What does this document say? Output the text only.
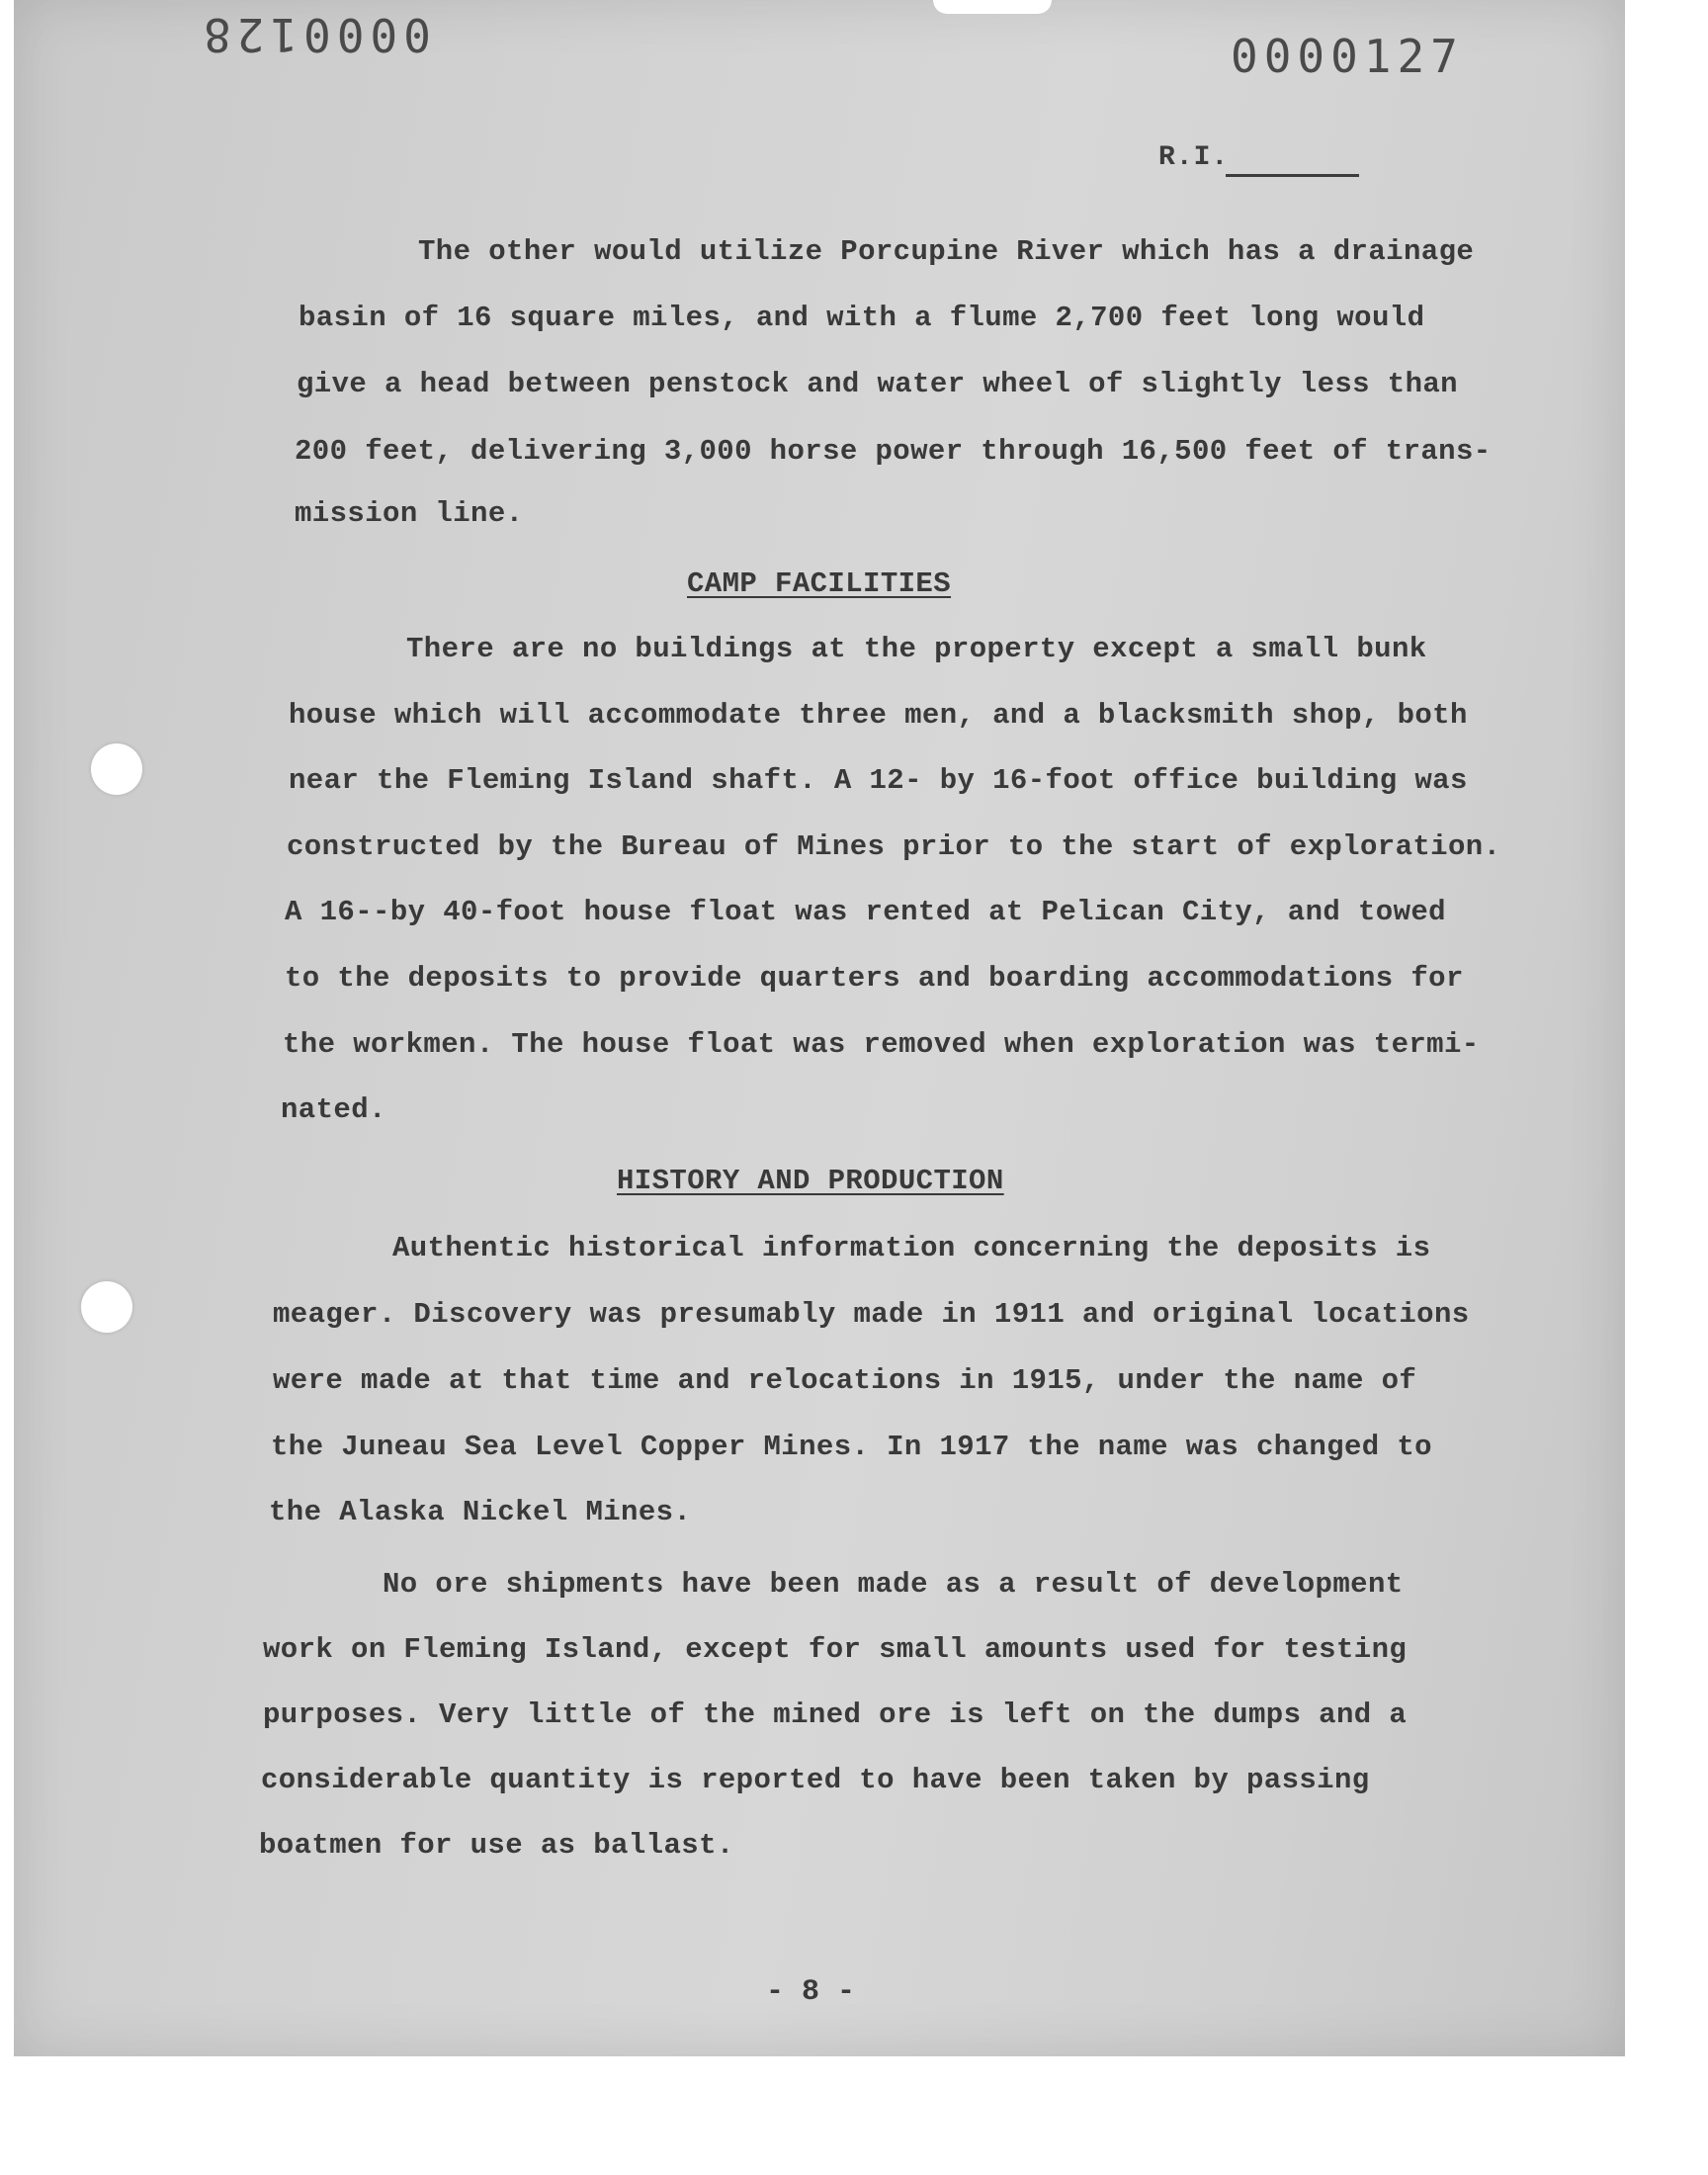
0000128	0000127
R.I.
The other would utilize Porcupine River which has a drainage
basin of 16 square miles, and with a flume 2,700 feet long would
give a head between penstock and water wheel of slightly less than
200 feet, delivering 3,000 horse power through 16,500 feet of trans-
mission line.
CAMP FACILITIES
There are no buildings at the property except a small bunk
house which will accommodate three men, and a blacksmith shop, both
near the Fleming Island shaft. A 12- by 16-foot office building was
constructed by the Bureau of Mines prior to the start of exploration.
A 16--by 40-foot house float was rented at Pelican City, and towed
to the deposits to provide quarters and boarding accommodations for
the workmen. The house float was removed when exploration was termi-
nated.
HISTORY AND PRODUCTION
Authentic historical information concerning the deposits is
meager. Discovery was presumably made in 1911 and original locations
were made at that time and relocations in 1915, under the name of
the Juneau Sea Level Copper Mines. In 1917 the name was changed to
the Alaska Nickel Mines.
No ore shipments have been made as a result of development
work on Fleming Island, except for small amounts used for testing
purposes. Very little of the mined ore is left on the dumps and a
considerable quantity is reported to have been taken by passing
boatmen for use as ballast.
- 8 -
